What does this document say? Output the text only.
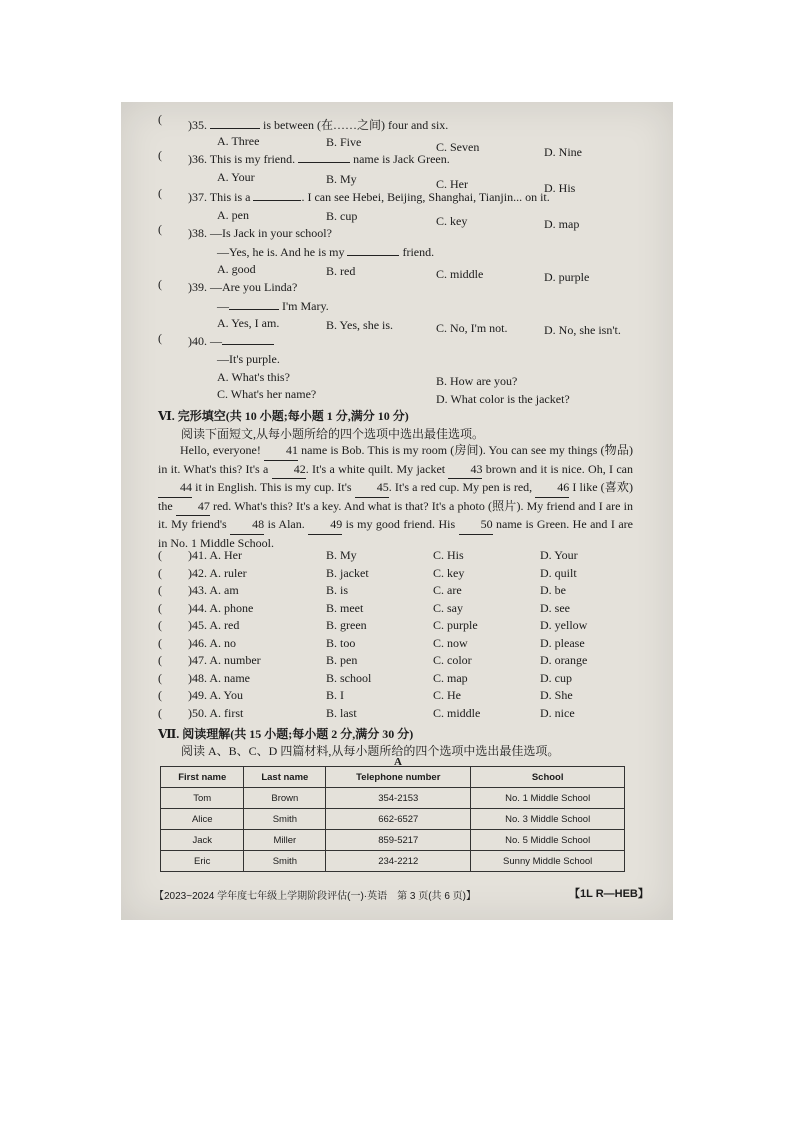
( )35.	is between (在……之间) four and six.
A. Three	B. Five	C. Seven	D. Nine
( )36. This is my friend.	name is Jack Green.
A. Your	B. My	C. Her	D. His
( )37. This is a	. I can see Hebei, Beijing, Shanghai, Tianjin... on it.
A. pen	B. cup	C. key	D. map
( )38. —Is Jack in your school?
—Yes, he is. And he is my	friend.
A. good	B. red	C. middle	D. purple
( )39. —Are you Linda?
—	I'm Mary.
A. Yes, I am.	B. Yes, she is.	C. No, I'm not.	D. No, she isn't.
( )40. —
—It's purple.
A. What's this?	B. How are you?
C. What's her name?	D. What color is the jacket?
Ⅵ. 完形填空(共 10 小题;每小题 1 分,满分 10 分)
阅读下面短文,从每小题所给的四个选项中选出最佳选项。
Hello, everyone! 41 name is Bob. This is my room (房间). You can see my things (物品) in it. What's this? It's a 42. It's a white quilt. My jacket 43 brown and it is nice. Oh, I can 44 it in English. This is my cup. It's 45. It's a red cup. My pen is red, 46 I like (喜欢) the 47 red. What's this? It's a key. And what is that? It's a photo (照片). My friend and I are in it. My friend's 48 is Alan. 49 is my good friend. His 50 name is Green. He and I are in No. 1 Middle School.
( )41. A. Her	B. My	C. His	D. Your
( )42. A. ruler	B. jacket	C. key	D. quilt
( )43. A. am	B. is	C. are	D. be
( )44. A. phone	B. meet	C. say	D. see
( )45. A. red	B. green	C. purple	D. yellow
( )46. A. no	B. too	C. now	D. please
( )47. A. number	B. pen	C. color	D. orange
( )48. A. name	B. school	C. map	D. cup
( )49. A. You	B. I	C. He	D. She
( )50. A. first	B. last	C. middle	D. nice
Ⅶ. 阅读理解(共 15 小题;每小题 2 分,满分 30 分)
阅读 A、B、C、D 四篇材料,从每小题所给的四个选项中选出最佳选项。
A
First name	Last name	Telephone number	School
Tom	Brown	354-2153	No. 1 Middle School
Alice	Smith	662-6527	No. 3 Middle School
Jack	Miller	859-5217	No. 5 Middle School
Eric	Smith	234-2212	Sunny Middle School
【2023~2024 学年度七年级上学期阶段评估(一)·英语　第 3 页(共 6 页)】	【1L R—HEB】
